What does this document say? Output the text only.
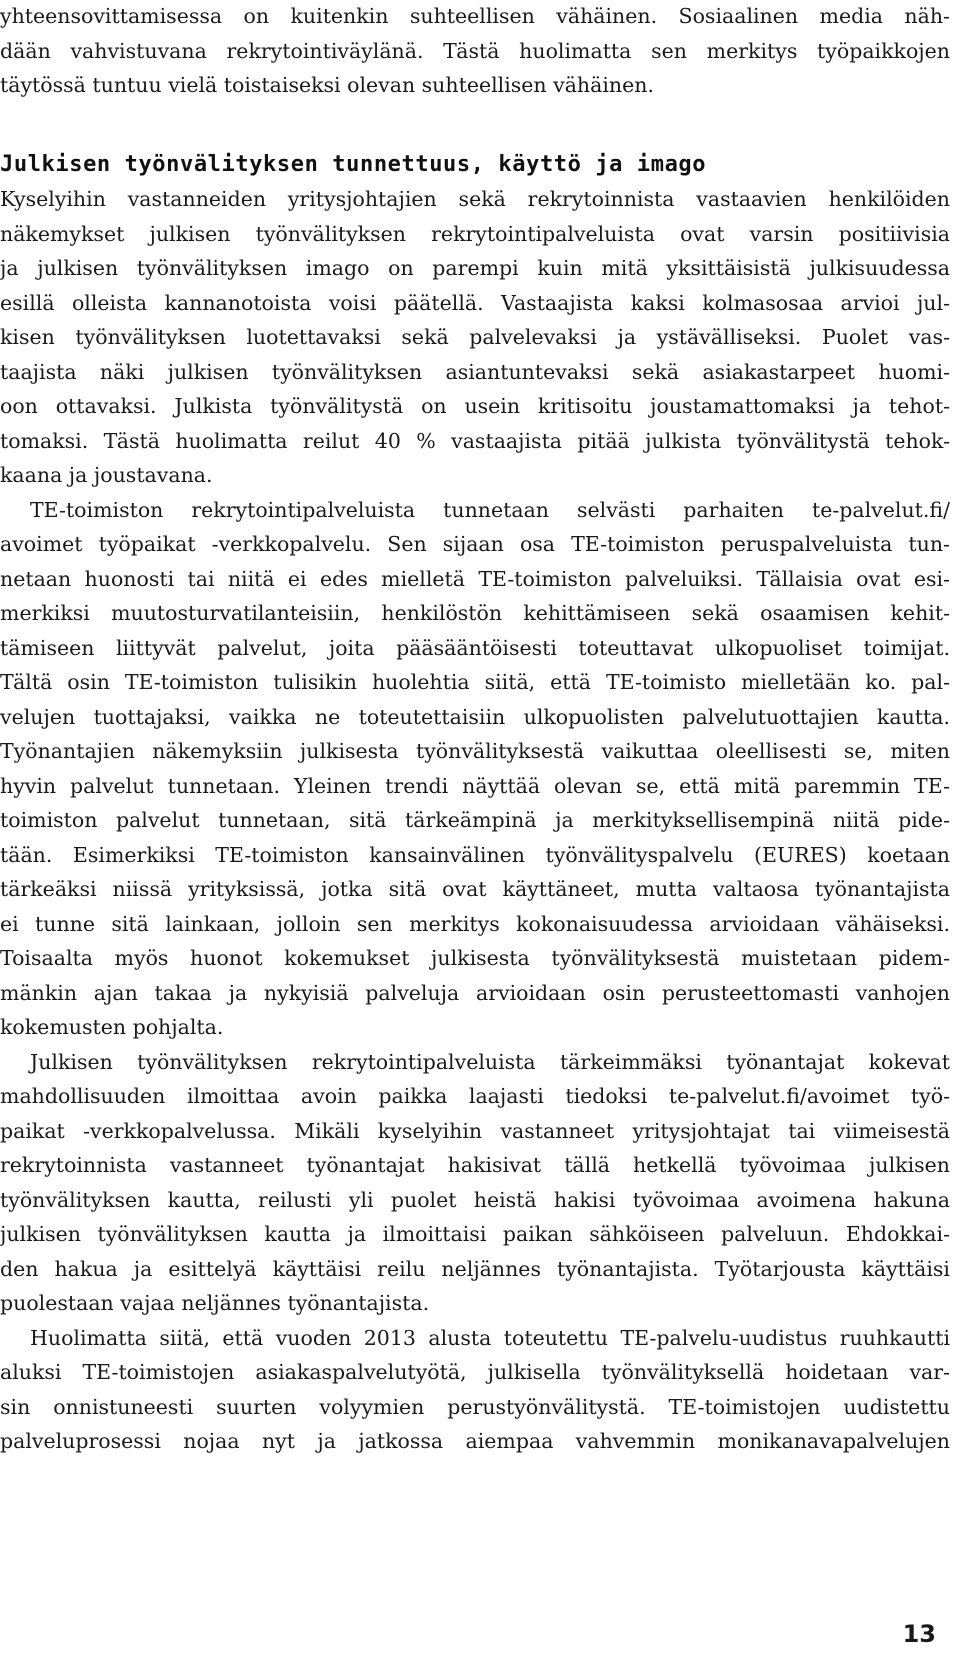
yhteensovittamisessa on kuitenkin suhteellisen vähäinen. Sosiaalinen media näh-
dään vahvistuvana rekrytointiväylänä. Tästä huolimatta sen merkitys työpaikkojen
täytössä tuntuu vielä toistaiseksi olevan suhteellisen vähäinen.
Julkisen työnvälityksen tunnettuus, käyttö ja imago
Kyselyihin vastanneiden yritysjohtajien sekä rekrytoinnista vastaavien henkilöiden
näkemykset julkisen työnvälityksen rekrytointipalveluista ovat varsin positiivisia
ja julkisen työnvälityksen imago on parempi kuin mitä yksittäisistä julkisuudessa
esillä olleista kannanotoista voisi päätellä. Vastaajista kaksi kolmasosaa arvioi jul-
kisen työnvälityksen luotettavaksi sekä palvelevaksi ja ystävälliseksi. Puolet vas-
taajista näki julkisen työnvälityksen asiantuntevaksi sekä asiakastarpeet huomi-
oon ottavaksi. Julkista työnvälitystä on usein kritisoitu joustamattomaksi ja tehot-
tomaksi. Tästä huolimatta reilut 40 % vastaajista pitää julkista työnvälitystä tehok-
kaana ja joustavana.
TE-toimiston rekrytointipalveluista tunnetaan selvästi parhaiten te-palvelut.fi/
avoimet työpaikat -verkkopalvelu. Sen sijaan osa TE-toimiston peruspalveluista tun-
netaan huonosti tai niitä ei edes mielletä TE-toimiston palveluiksi. Tällaisia ovat esi-
merkiksi muutosturvatilanteisiin, henkilöstön kehittämiseen sekä osaamisen kehit-
tämiseen liittyvät palvelut, joita pääsääntöisesti toteuttavat ulkopuoliset toimijat.
Tältä osin TE-toimiston tulisikin huolehtia siitä, että TE-toimisto mielletään ko. pal-
velujen tuottajaksi, vaikka ne toteutettaisiin ulkopuolisten palvelutuottajien kautta.
Työnantajien näkemyksiin julkisesta työnvälityksestä vaikuttaa oleellisesti se, miten
hyvin palvelut tunnetaan. Yleinen trendi näyttää olevan se, että mitä paremmin TE-
toimiston palvelut tunnetaan, sitä tärkeämpinä ja merkityksellisempinä niitä pide-
tään. Esimerkiksi TE-toimiston kansainvälinen työnvälityspalvelu (EURES) koetaan
tärkeäksi niissä yrityksissä, jotka sitä ovat käyttäneet, mutta valtaosa työnantajista
ei tunne sitä lainkaan, jolloin sen merkitys kokonaisuudessa arvioidaan vähäiseksi.
Toisaalta myös huonot kokemukset julkisesta työnvälityksestä muistetaan pidem-
mänkin ajan takaa ja nykyisiä palveluja arvioidaan osin perusteettomasti vanhojen
kokemusten pohjalta.
Julkisen työnvälityksen rekrytointipalveluista tärkeimmäksi työnantajat kokevat
mahdollisuuden ilmoittaa avoin paikka laajasti tiedoksi te-palvelut.fi/avoimet työ-
paikat -verkkopalvelussa. Mikäli kyselyihin vastanneet yritysjohtajat tai viimeisestä
rekrytoinnista vastanneet työnantajat hakisivat tällä hetkellä työvoimaa julkisen
työnvälityksen kautta, reilusti yli puolet heistä hakisi työvoimaa avoimena hakuna
julkisen työnvälityksen kautta ja ilmoittaisi paikan sähköiseen palveluun. Ehdokkai-
den hakua ja esittelyä käyttäisi reilu neljännes työnantajista. Työtarjousta käyttäisi
puolestaan vajaa neljännes työnantajista.
Huolimatta siitä, että vuoden 2013 alusta toteutettu TE-palvelu-uudistus ruuhkautti
aluksi TE-toimistojen asiakaspalvelutyötä, julkisella työnvälityksellä hoidetaan var-
sin onnistuneesti suurten volyymien perustyönvälitystä. TE-toimistojen uudistettu
palveluprosessi nojaa nyt ja jatkossa aiempaa vahvemmin monikanavapalvelujen
13
